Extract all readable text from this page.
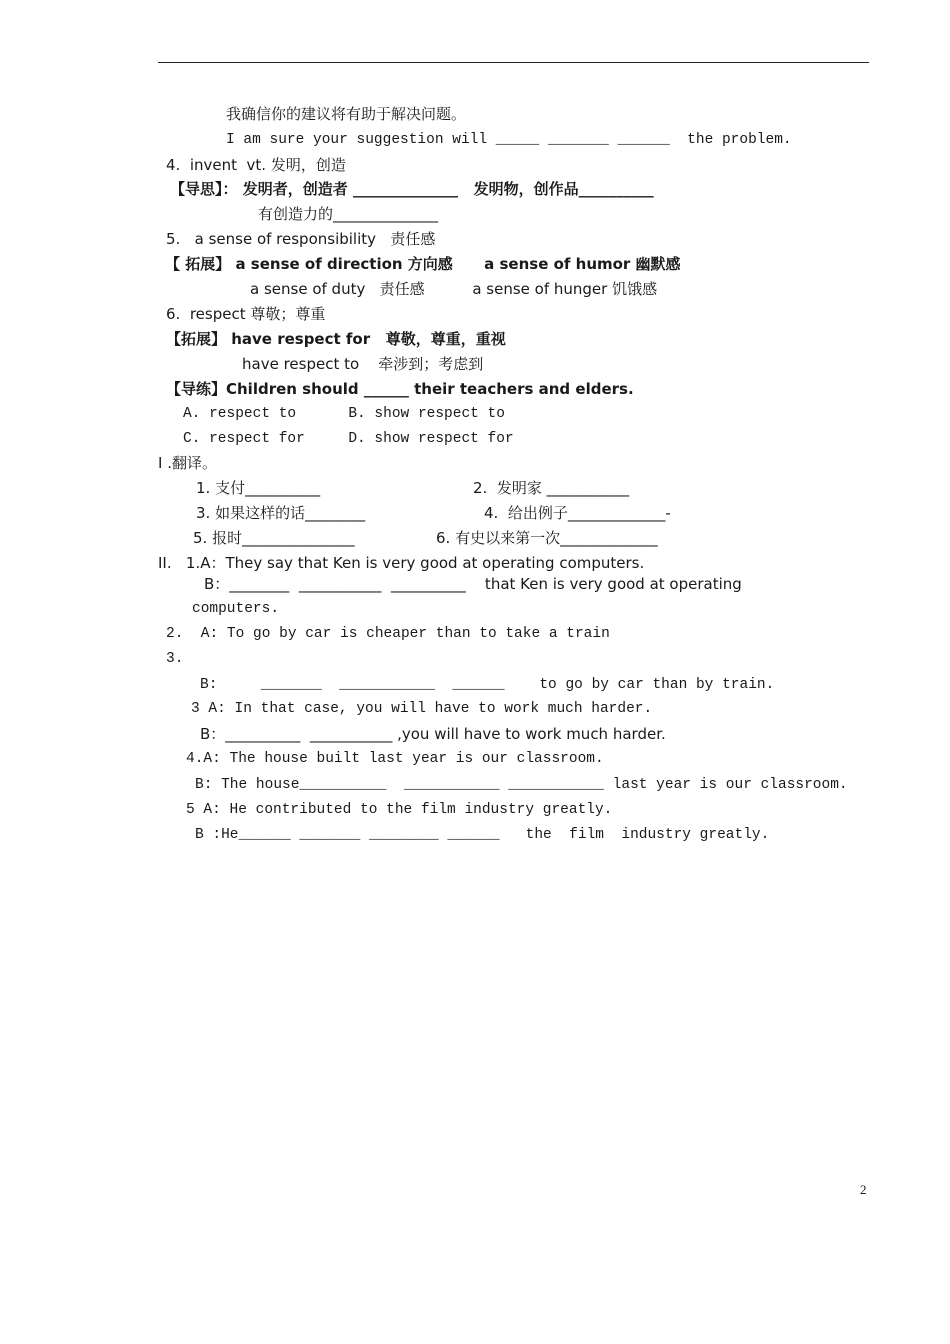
我确信你的建议将有助于解决问题。
I am sure your suggestion will _____ _______ ______  the problem.
4.  invent  vt. 发明，创造
【导思】： 发明者，创造者 ______________   发明物，创作品__________
有创造力的______________
5.   a sense of responsibility   责任感
【 拓展】 a sense of direction 方向感      a sense of humor 幽默感
a sense of duty   责任感          a sense of hunger 饥饿感
6.  respect 尊敬；尊重
【拓展】 have respect for   尊敬，尊重，重视
have respect to    牵涉到；考虑到
【导练】Children should ______ their teachers and elders.
A. respect to      B. show respect to
C. respect for     D. show respect for
I .翻译。
1. 支付__________	2.  发明家 ___________
3. 如果这样的话________	4.  给出例子_____________-
5. 报时_______________	6. 有史以来第一次_____________
II.   1.A：They say that Ken is very good at operating computers.
B：________  ___________  __________    that Ken is very good at operating
computers.
2.  A: To go by car is cheaper than to take a train
3.
B:     _______  ___________  ______    to go by car than by train.
3 A: In that case, you will have to work much harder.
B：__________  ___________ ,you will have to work much harder.
4.A: The house built last year is our classroom.
B: The house__________  ___________ ___________ last year is our classroom.
5 A: He contributed to the film industry greatly.
B :He______ _______ ________ ______   the  film  industry greatly.
2
